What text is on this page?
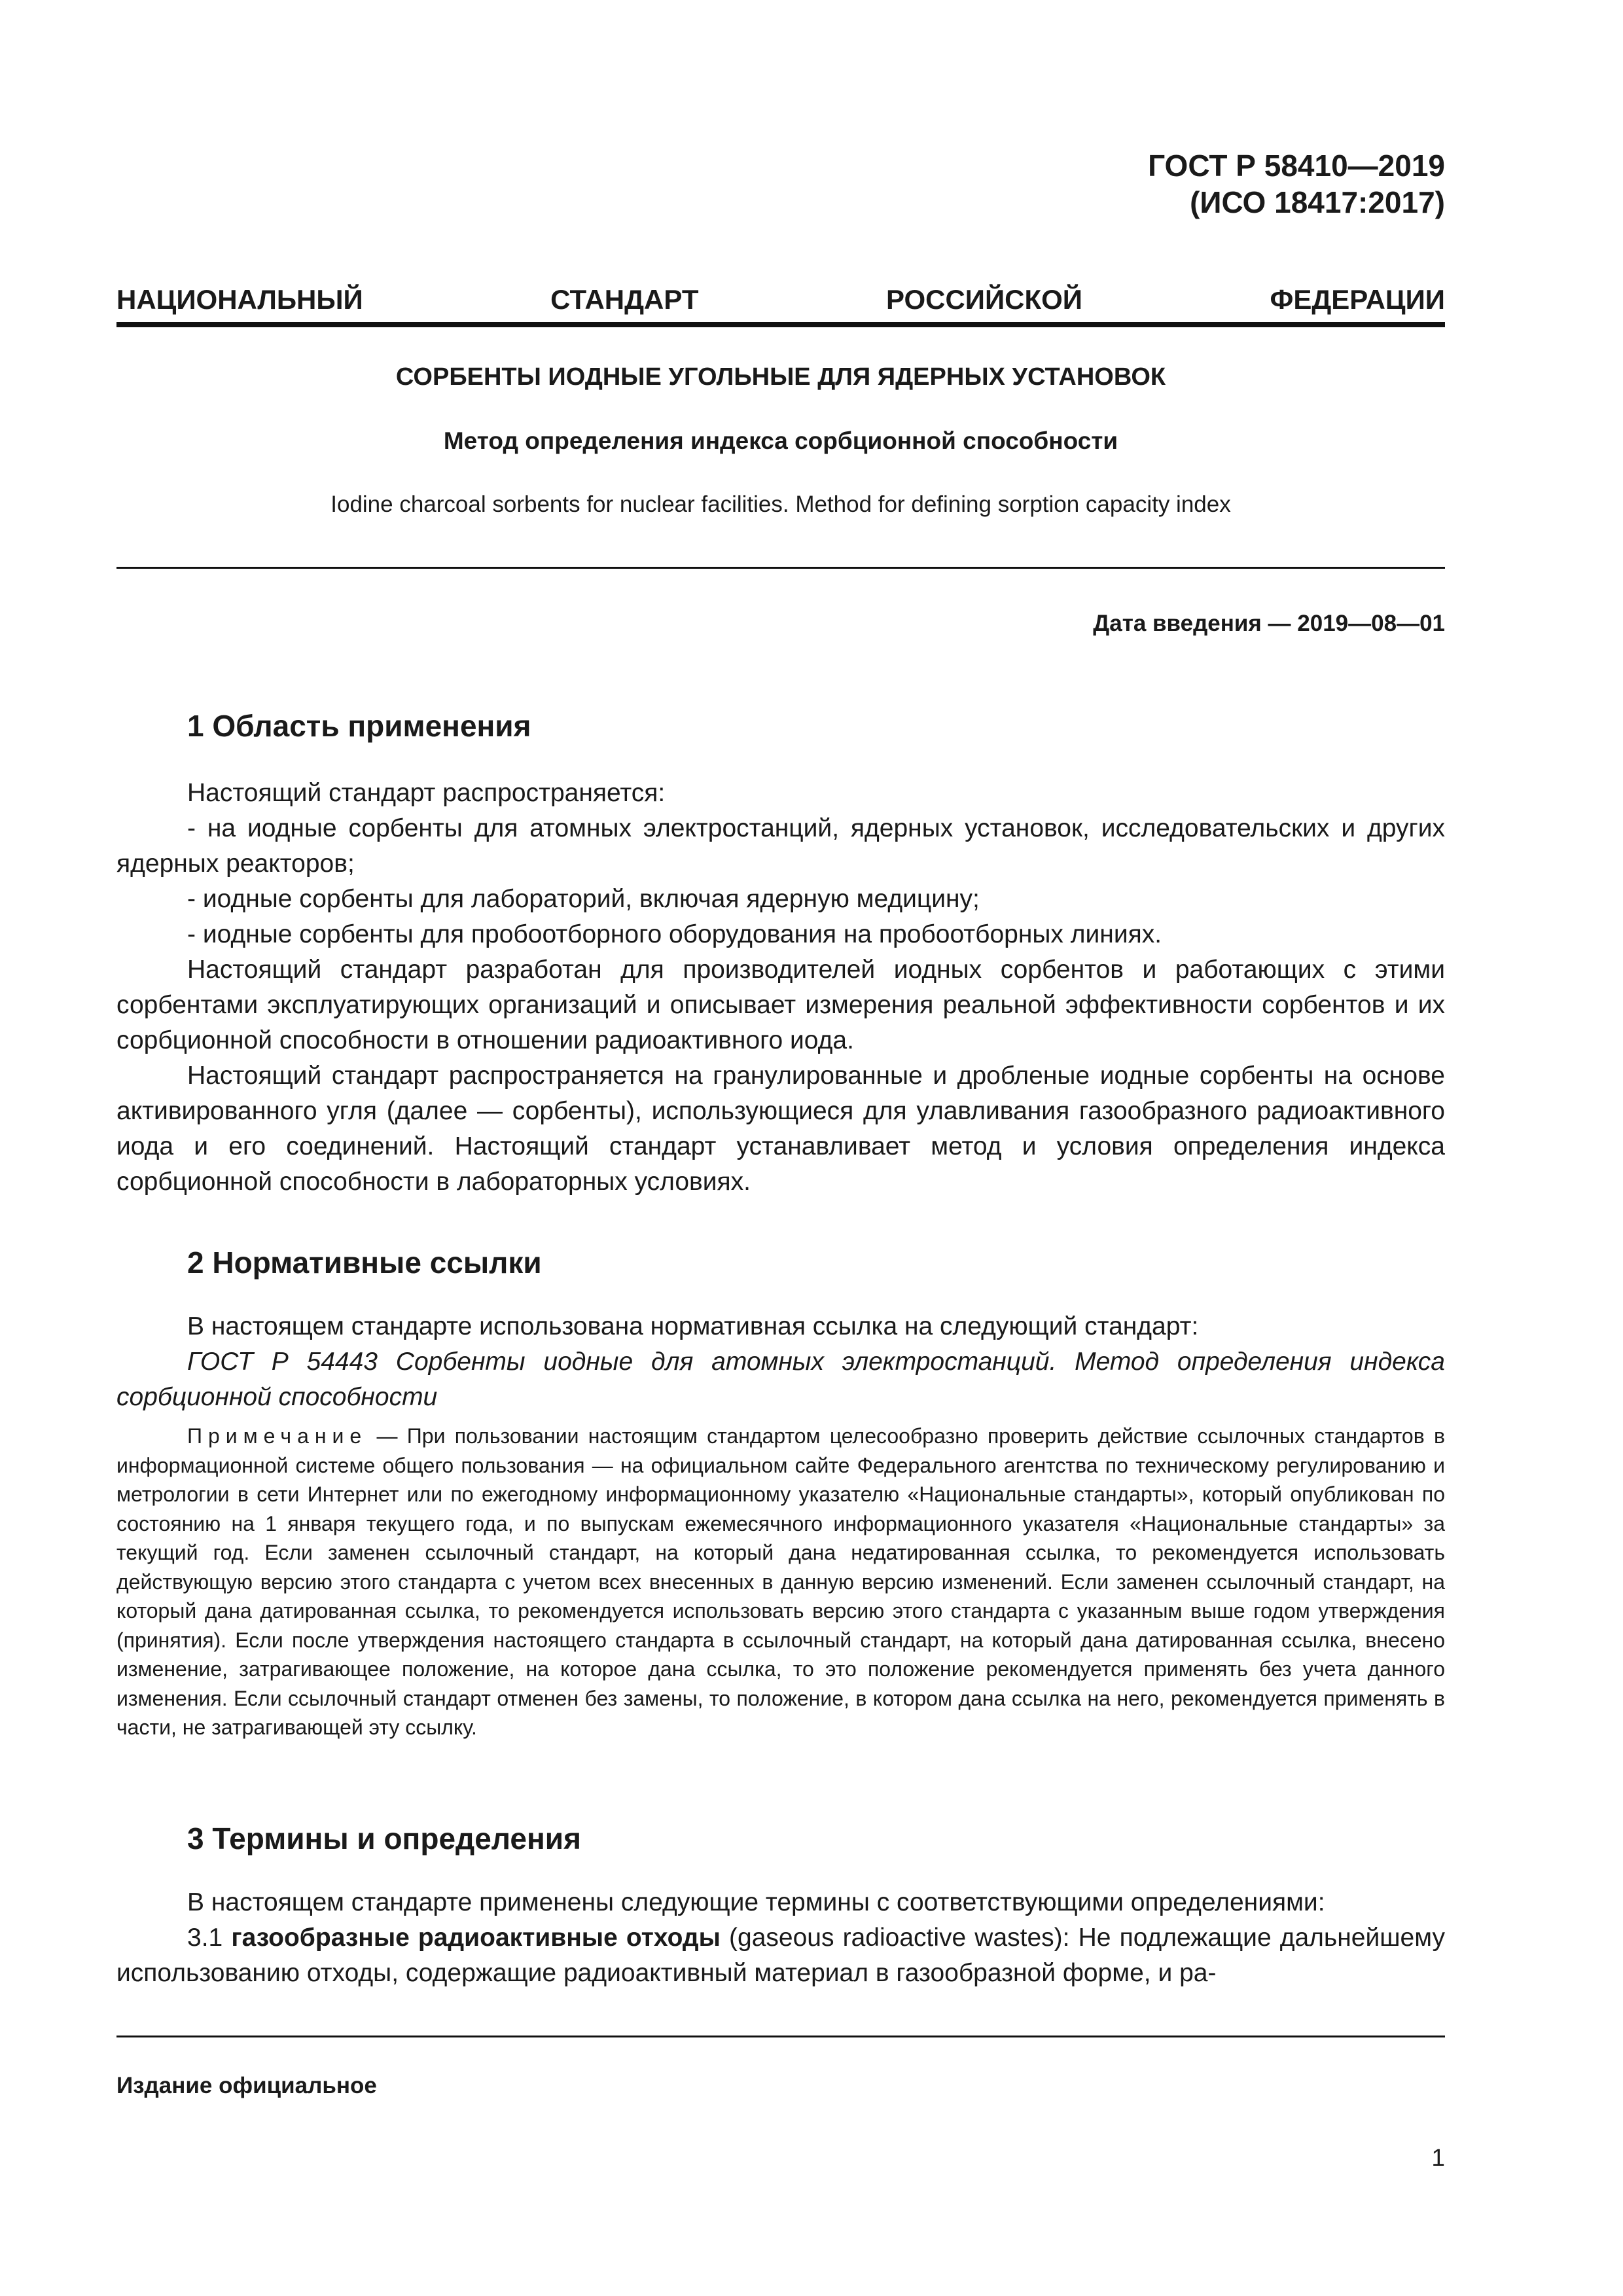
ГОСТ Р 58410—2019
(ИСО 18417:2017)
НАЦИОНАЛЬНЫЙ СТАНДАРТ РОССИЙСКОЙ ФЕДЕРАЦИИ
СОРБЕНТЫ ИОДНЫЕ УГОЛЬНЫЕ ДЛЯ ЯДЕРНЫХ УСТАНОВОК
Метод определения индекса сорбционной способности
Iodine charcoal sorbents for nuclear facilities. Method for defining sorption capacity index
Дата введения — 2019—08—01
1 Область применения

Настоящий стандарт распространяется:

- на иодные сорбенты для атомных электростанций, ядерных установок, исследовательских и других ядерных реакторов;

- иодные сорбенты для лабораторий, включая ядерную медицину;

- иодные сорбенты для пробоотборного оборудования на пробоотборных линиях.

Настоящий стандарт разработан для производителей иодных сорбентов и работающих с этими сорбентами эксплуатирующих организаций и описывает измерения реальной эффективности сорбентов и их сорбционной способности в отношении радиоактивного иода.

Настоящий стандарт распространяется на гранулированные и дробленые иодные сорбенты на основе активированного угля (далее — сорбенты), использующиеся для улавливания газообразного радиоактивного иода и его соединений. Настоящий стандарт устанавливает метод и условия определения индекса сорбционной способности в лабораторных условиях.

2 Нормативные ссылки

В настоящем стандарте использована нормативная ссылка на следующий стандарт:

ГОСТ Р 54443 Сорбенты иодные для атомных электростанций. Метод определения индекса сорбционной способности

Примечание — При пользовании настоящим стандартом целесообразно проверить действие ссылочных стандартов в информационной системе общего пользования — на официальном сайте Федерального агентства по техническому регулированию и метрологии в сети Интернет или по ежегодному информационному указателю «Национальные стандарты», который опубликован по состоянию на 1 января текущего года, и по выпускам ежемесячного информационного указателя «Национальные стандарты» за текущий год. Если заменен ссылочный стандарт, на который дана недатированная ссылка, то рекомендуется использовать действующую версию этого стандарта с учетом всех внесенных в данную версию изменений. Если заменен ссылочный стандарт, на который дана датированная ссылка, то рекомендуется использовать версию этого стандарта с указанным выше годом утверждения (принятия). Если после утверждения настоящего стандарта в ссылочный стандарт, на который дана датированная ссылка, внесено изменение, затрагивающее положение, на которое дана ссылка, то это положение рекомендуется применять без учета данного изменения. Если ссылочный стандарт отменен без замены, то положение, в котором дана ссылка на него, рекомендуется применять в части, не затрагивающей эту ссылку.
3 Термины и определения

В настоящем стандарте применены следующие термины с соответствующими определениями:

3.1 газообразные радиоактивные отходы (gaseous radioactive wastes): Не подлежащие дальнейшему использованию отходы, содержащие радиоактивный материал в газообразной форме, и ра-

Издание официальное
1
